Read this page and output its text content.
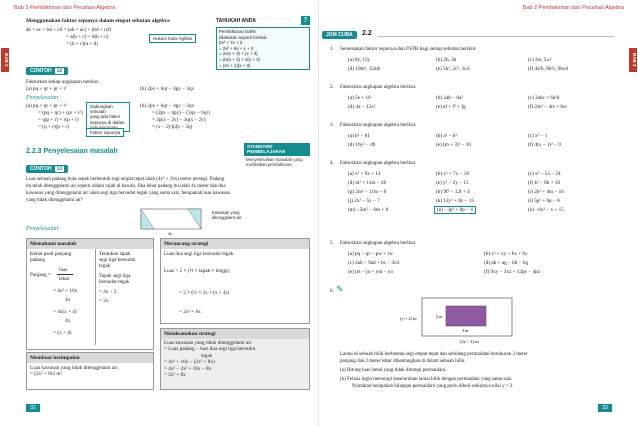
Bab 2 Pemfaktoran dan Pecahan Algebra	Bab 2 Pemfaktoran dan Pecahan Algebra
BAB 2	BAB 2
Menggunakan faktor sepunya dalam empat sebutan algebra
ab + ac + bd + cd = (ab + ac) + (bd + cd)
= a(b + c) + d(b + c)
= (b + c)(a + d)
Hukum Kalis Agihan
TAHUKAH ANDA	?
Pemfaktoran boleh
dilakukan seperti berikut.
2x² + 7x + 3
= 2x² + 6x + x + 3
= 2x(x + 3) + (x + 3)
= 2x(x + 3) + 1(x + 3)
= (2x + 1)(x + 3)
CONTOH 12
Faktorkan setiap ungkapan berikut.
(a) pq + qr + pr + r²	(b) 2px + 6qr − 4py − 3qx
Penyelesaian:
(a) pq + qr + pr + r²
= (pq + qr) + (pr + r²)
= q(p + r) + r(p + r)
= (q + r)(p + r)
Gabungkan sebutan
yang ada faktor
sepunya di dalam
Faktor sepunya
(b) 2px + 6qr − 4py − 3qx
= (2px − 4py) − (3qx − 6qr)
= 2p(x − 2y) − 3q(x − 2y)
= (x − 2y)(2p − 3q)
2.2.3 Penyelesaian masalah
STANDARD
PEMBELAJARAN
Menyelesaikan masalah yang
melibatkan pemfaktoran.
CONTOH 13
Luas sebuah padang bola sepak berbentuk segi empat tepat ialah (4x² + 16x) meter persegi. Padang
itu telah ditenggelami air seperti dalam rajah di bawah. Jika lebar padang itu ialah 4x meter dan dua
kawasan yang ditenggelami air ialah segi tiga bersudut tegak yang sama saiz, berapakah luas kawasan
yang tidak ditenggelami air?
4x
Kawasan yang
ditenggelami air
Penyelesaian:
Memahami masalah
Kenal pasti panjang
padang
Panjang =
luas
lebar
= 4x² + 16x
4x
= 4x(x + 4)
4x
= (x + 4)
Tentukan tapak
segi tiga bersudut
tegak
Tapak segi tiga
bersudut tegak
= 4x ÷ 2
= 2x
Membuat kesimpulan
Luas kawasan yang tidak ditenggelami air
= (2x² + 8x) m²
Merancang strategi
Luas dua segi tiga bersudut tegak
Luas = 2 × (½ × tapak × tinggi)
= 2 × (½ × 2x × (x + 4))
= 2x² + 8x
Melaksanakan strategi
Luas kawasan yang tidak ditenggelami air
= Luas padang − luas dua segi tiga bersudut
tegak
= 4x² + 16x − (2x² + 8x)
= 4x² − 2x² + 16x − 8x
= 2x² + 8x
32
JOM CUBA	2.2
1. Semenakan faktor sepunya dan FSTB bagi setiap sebutan berikut.
(a) 8y, 12y	(b) 2h, 3h	(c) 3w, 5w²
(d) 10m², 15mk	(e) 5h², 2c², 3cd	(f) 4a²b, 8b²c, 6bcd
2. Faktorkan ungkapan algebra berikut.
(a) 5e + 10	(b) 2ab − 8a²	(c) 3abc + 6a²b
(d) 4x − 12x²	(e) ef + f² + fg	(f) 24r² − 4rs + 6rs
3. Faktorkan ungkapan algebra berikut.
(a) b² − 81	(b) a² − b²	(c) x² − 1
(d) 16y² − 49	(e) (m + 3)² − 16	(f) 4(x − 1)² − 9
4. Faktorkan ungkapan algebra berikut.
(a) x² + 9x + 14	(b) x² + 7x − 18	(c) x² − 5x − 24
(d) m² + 11m − 26	(e) y² − 2y − 15	(f) k² − 8k + 16
(g) 2m² − 11m − 6	(h) 9f² − 12f + 4	(i) 2n² + 4m − 16
(j) 2x² − 5x − 7	(k) 12y² + 8y − 15	(l) 5p² + 6p − 8
(m) −5m² − 6m + 8	(n) −3p² + 8p − 4	(o) −6x² − x + 15
5. Faktorkan ungkapan algebra berikut.
(a) pq − qr − pw + rw	(b) x² + xy + 6x + 6y
(c) 3ab − 9ad + bc − 3cd	(d) ab + ag − bh − hg
(e) jm − jn + ym − yn	(f) 9xy − 3xz + 12py − 4pz
6. ✎
(y + 2) m
(2y − 1) m
2 m
3 m
Lantai di sebuah bilik berbentuk segi empat tepat dan sebidang permaidani berukuran 3 meter
panjang dan 2 meter lebar dibentangkan di dalam sebuah bilik.
(a) Hitung luas lantai yang tidak ditutupi permaidani.
(b) Felisia ingin menutupi keseluruhan lantai bilik dengan permaidani yang sama saiz.
Nyatakan berapakah bilangan permaidani yang perlu dibeli sekiranya nilai y = 2.
33
